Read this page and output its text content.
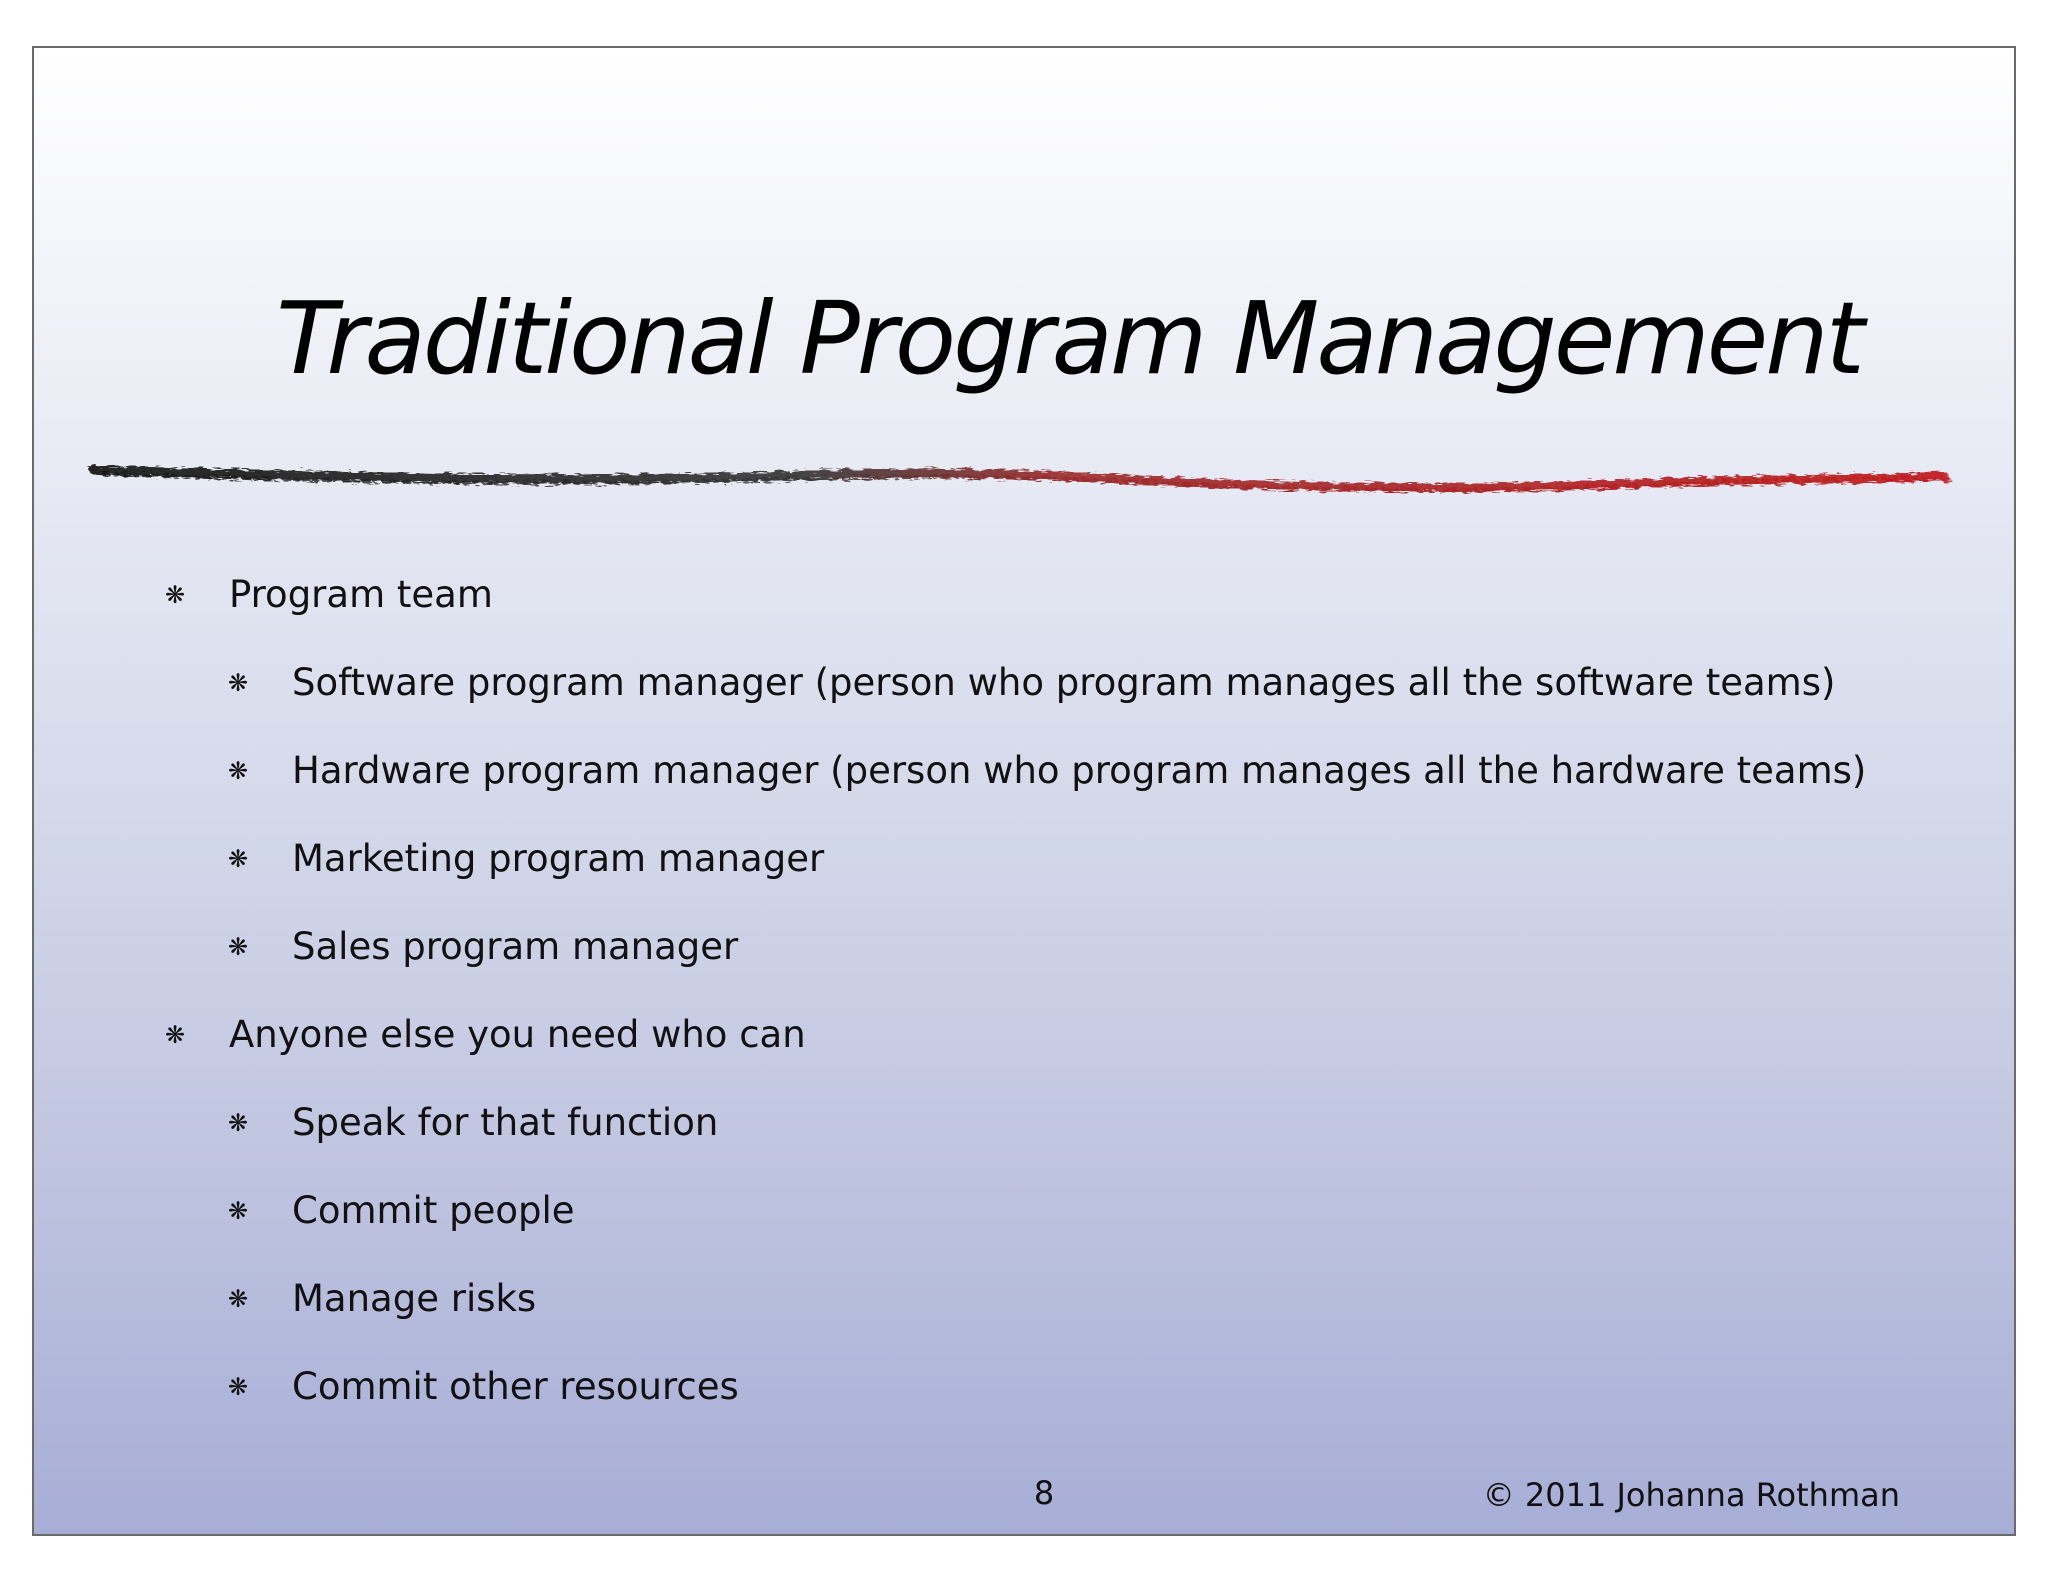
Traditional Program Management
❋ Program team
❋ Software program manager (person who program manages all the software teams)
❋ Hardware program manager (person who program manages all the hardware teams)
❋ Marketing program manager
❋ Sales program manager
❋ Anyone else you need who can
❋ Speak for that function
❋ Commit people
❋ Manage risks
❋ Commit other resources
8	© 2011 Johanna Rothman
